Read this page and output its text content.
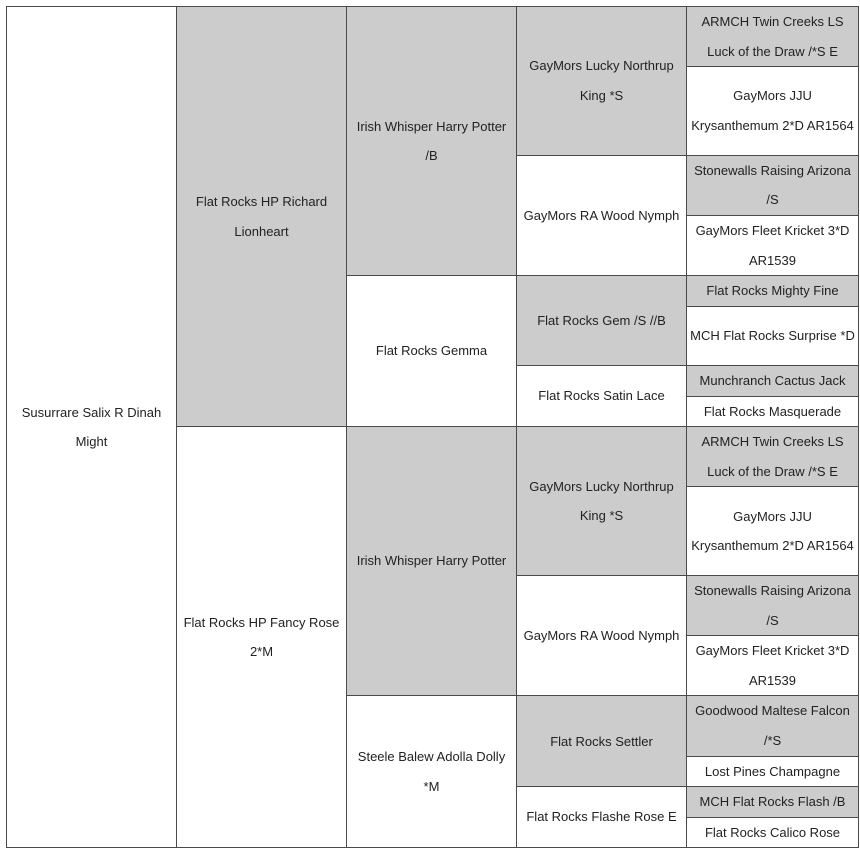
Susurrare Salix R Dinah Might	Flat Rocks HP Richard Lionheart	Irish Whisper Harry Potter /B	GayMors Lucky Northrup King *S	ARMCH Twin Creeks LS Luck of the Draw /*S E

				GayMors JJU Krysanthemum 2*D AR1564

			GayMors RA Wood Nymph	Stonewalls Raising Arizona /S

				GayMors Fleet Kricket 3*D AR1539

		Flat Rocks Gemma	Flat Rocks Gem /S //B	Flat Rocks Mighty Fine
				MCH Flat Rocks Surprise *D

			Flat Rocks Satin Lace	Munchranch Cactus Jack
				Flat Rocks Masquerade
	Flat Rocks HP Fancy Rose 2*M	Irish Whisper Harry Potter	GayMors Lucky Northrup King *S	ARMCH Twin Creeks LS Luck of the Draw /*S E

				GayMors JJU Krysanthemum 2*D AR1564

			GayMors RA Wood Nymph	Stonewalls Raising Arizona /S

				GayMors Fleet Kricket 3*D AR1539

		Steele Balew Adolla Dolly *M	Flat Rocks Settler	Goodwood Maltese Falcon /*S

				Lost Pines Champagne
			Flat Rocks Flashe Rose E	MCH Flat Rocks Flash /B
				Flat Rocks Calico Rose
